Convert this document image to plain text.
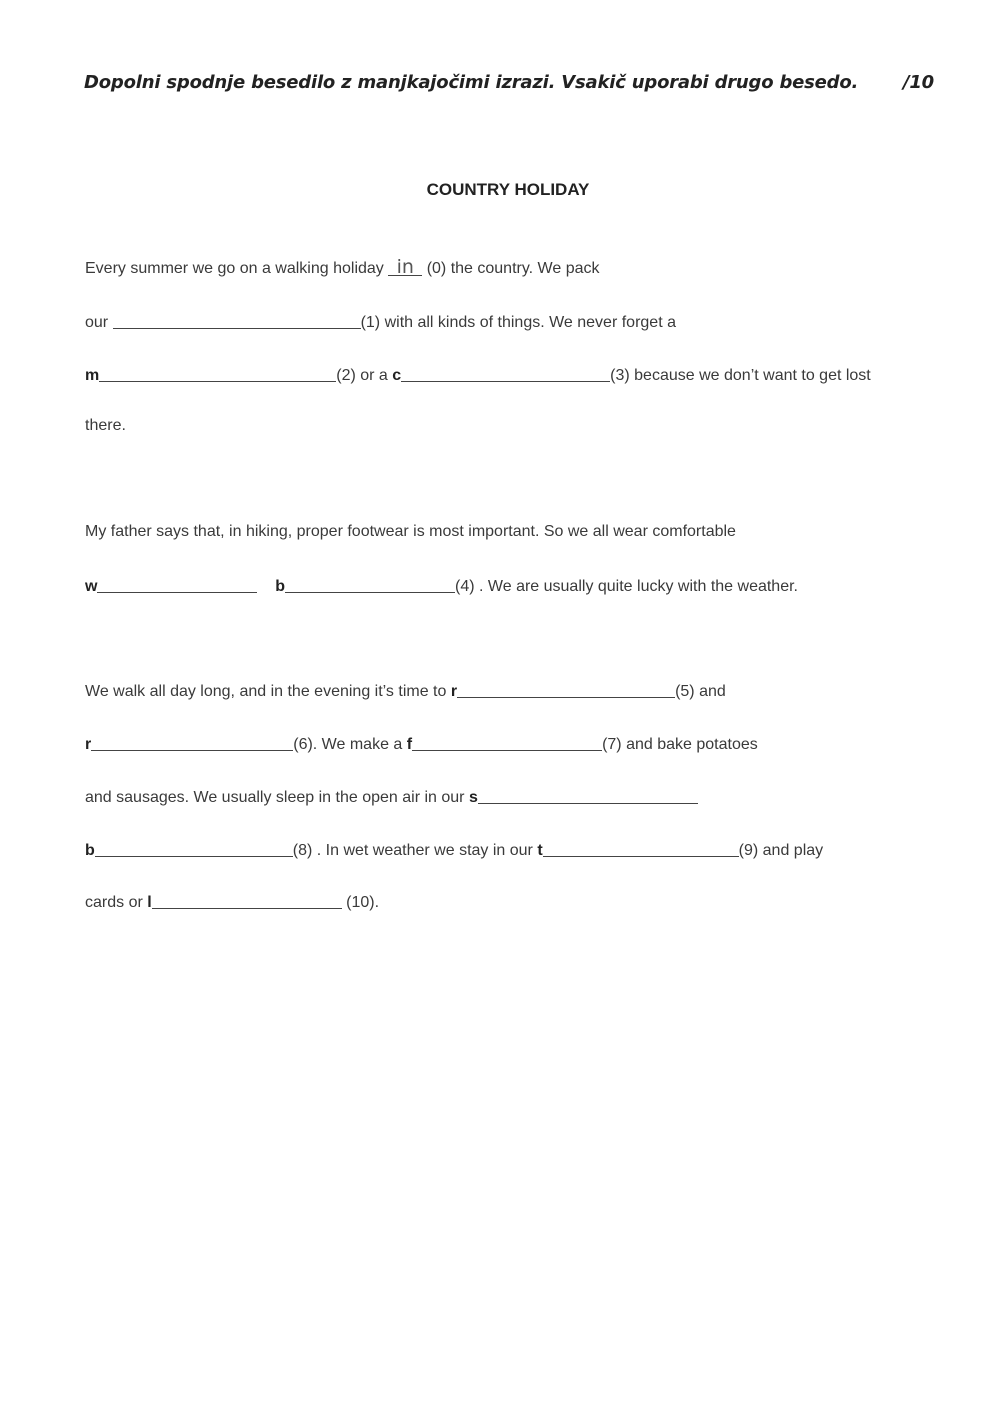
Dopolni spodnje besedilo z manjkajočimi izrazi. Vsakič uporabi drugo besedo. /10
COUNTRY HOLIDAY
Every summer we go on a walking holiday in (0) the country. We pack
our	(1) with all kinds of things. We never forget a
m	(2) or a c	(3) because we don’t want to get lost
there.
My father says that, in hiking, proper footwear is most important. So we all wear comfortable
w	b	(4) . We are usually quite lucky with the weather.
We walk all day long, and in the evening it’s time to r	(5) and
r	(6). We make a f	(7) and bake potatoes
and sausages. We usually sleep in the open air in our s
b	(8) . In wet weather we stay in our t	(9) and play
cards or l	(10).
